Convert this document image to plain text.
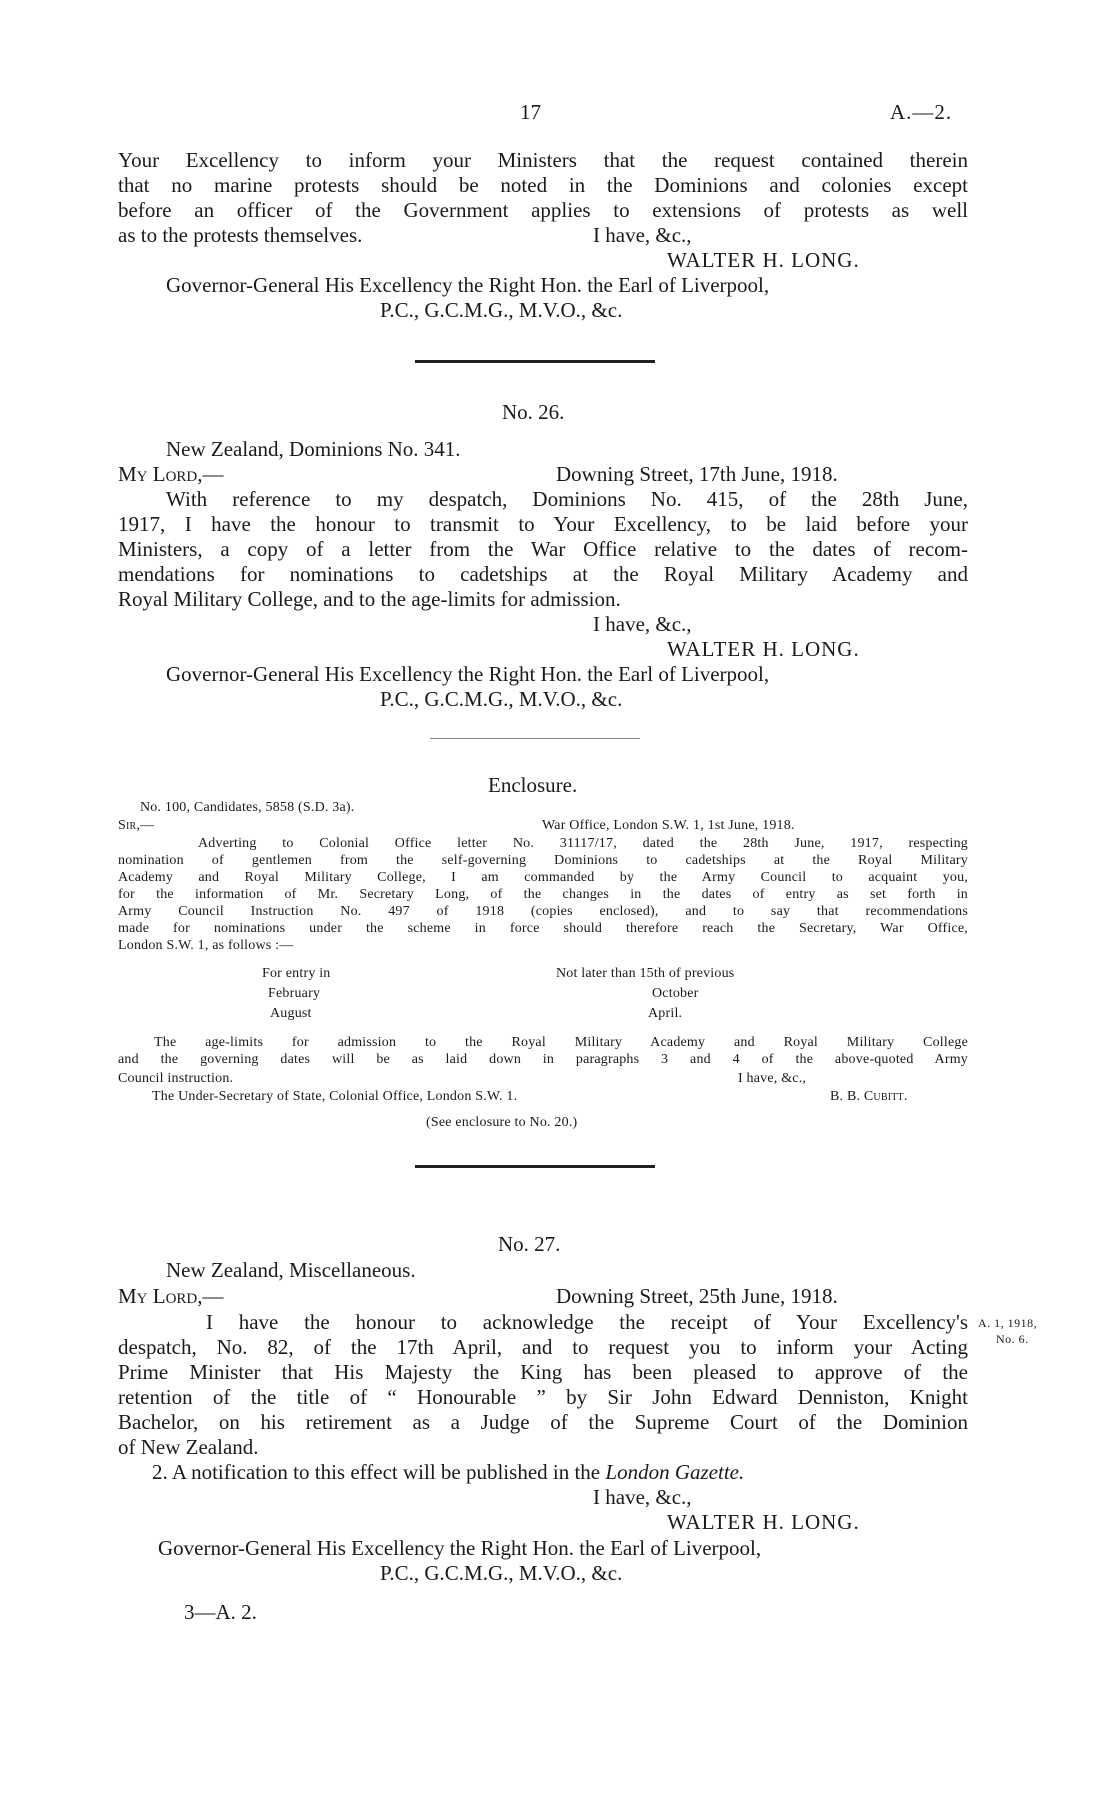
17	A.—2.
Your Excellency to inform your Ministers that the request contained therein
that no marine protests should be noted in the Dominions and colonies except
before an officer of the Government applies to extensions of protests as well
as to the protests themselves.	I have, &c.,
WALTER H. LONG.
Governor-General His Excellency the Right Hon. the Earl of Liverpool,
P.C., G.C.M.G., M.V.O., &c.
No. 26.
New Zealand, Dominions No. 341.
My Lord,—	Downing Street, 17th June, 1918.
With reference to my despatch, Dominions No. 415, of the 28th June,
1917, I have the honour to transmit to Your Excellency, to be laid before your
Ministers, a copy of a letter from the War Office relative to the dates of recom-
mendations for nominations to cadetships at the Royal Military Academy and
Royal Military College, and to the age-limits for admission.
I have, &c.,
WALTER H. LONG.
Governor-General His Excellency the Right Hon. the Earl of Liverpool,
P.C., G.C.M.G., M.V.O., &c.
Enclosure.
No. 100, Candidates, 5858 (S.D. 3a).
Sir,—	War Office, London S.W. 1, 1st June, 1918.
Adverting to Colonial Office letter No. 31117/17, dated the 28th June, 1917, respecting
nomination of gentlemen from the self-governing Dominions to cadetships at the Royal Military
Academy and Royal Military College, I am commanded by the Army Council to acquaint you,
for the information of Mr. Secretary Long, of the changes in the dates of entry as set forth in
Army Council Instruction No. 497 of 1918 (copies enclosed), and to say that recommendations
made for nominations under the scheme in force should therefore reach the Secretary, War Office,
London S.W. 1, as follows :—
For entry in	Not later than 15th of previous
February	October
August	April.
The age-limits for admission to the Royal Military Academy and Royal Military College
and the governing dates will be as laid down in paragraphs 3 and 4 of the above-quoted Army
Council instruction.	I have, &c.,
The Under-Secretary of State, Colonial Office, London S.W. 1.	B. B. Cubitt.
(See enclosure to No. 20.)
No. 27.
New Zealand, Miscellaneous.
My Lord,—	Downing Street, 25th June, 1918.
I have the honour to acknowledge the receipt of Your Excellency's
despatch, No. 82, of the 17th April, and to request you to inform your Acting
Prime Minister that His Majesty the King has been pleased to approve of the
retention of the title of “ Honourable ” by Sir John Edward Denniston, Knight
Bachelor, on his retirement as a Judge of the Supreme Court of the Dominion
of New Zealand.
A. 1, 1918,
No. 6.
2. A notification to this effect will be published in the London Gazette.
I have, &c.,
WALTER H. LONG.
Governor-General His Excellency the Right Hon. the Earl of Liverpool,
P.C., G.C.M.G., M.V.O., &c.
3—A. 2.
